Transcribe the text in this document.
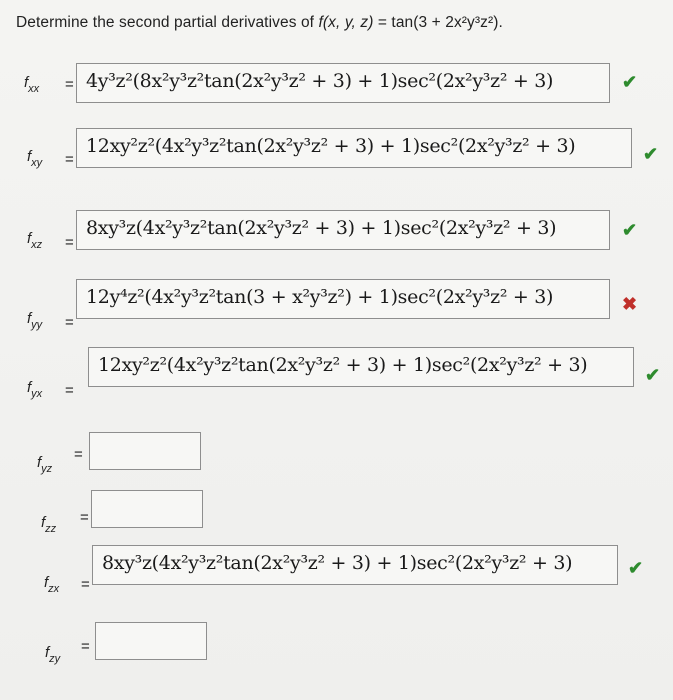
Determine the second partial derivatives of f(x, y, z) = tan(3 + 2x²y³z²).
$f_{xx} = 4y^3z^2(8x^2y^3z^2\tan(2x^2y^3z^2 + 3) + 1)\sec^2(2x^2y^3z^2 + 3)$	✔
$f_{xy}$ =
12xy²z²(4x²y³z²tan(2x²y³z² + 3) + 1)sec²(2x²y³z² + 3)	✔
$f_{xz}$ =
8xy³z(4x²y³z²tan(2x²y³z² + 3) + 1)sec²(2x²y³z² + 3)	✔
$f_{yy}$ =
12y⁴z²(4x²y³z²tan(3 + x²y³z²) + 1)sec²(2x²y³z² + 3)	✖
$f_{yx}$ =
12xy²z²(4x²y³z²tan(2x²y³z² + 3) + 1)sec²(2x²y³z² + 3)	✔
$f_{yz}$
=
$f_{zz}$
=
$f_{zx}$ =
8xy³z(4x²y³z²tan(2x²y³z² + 3) + 1)sec²(2x²y³z² + 3)	✔
$f_{zy}$
=
